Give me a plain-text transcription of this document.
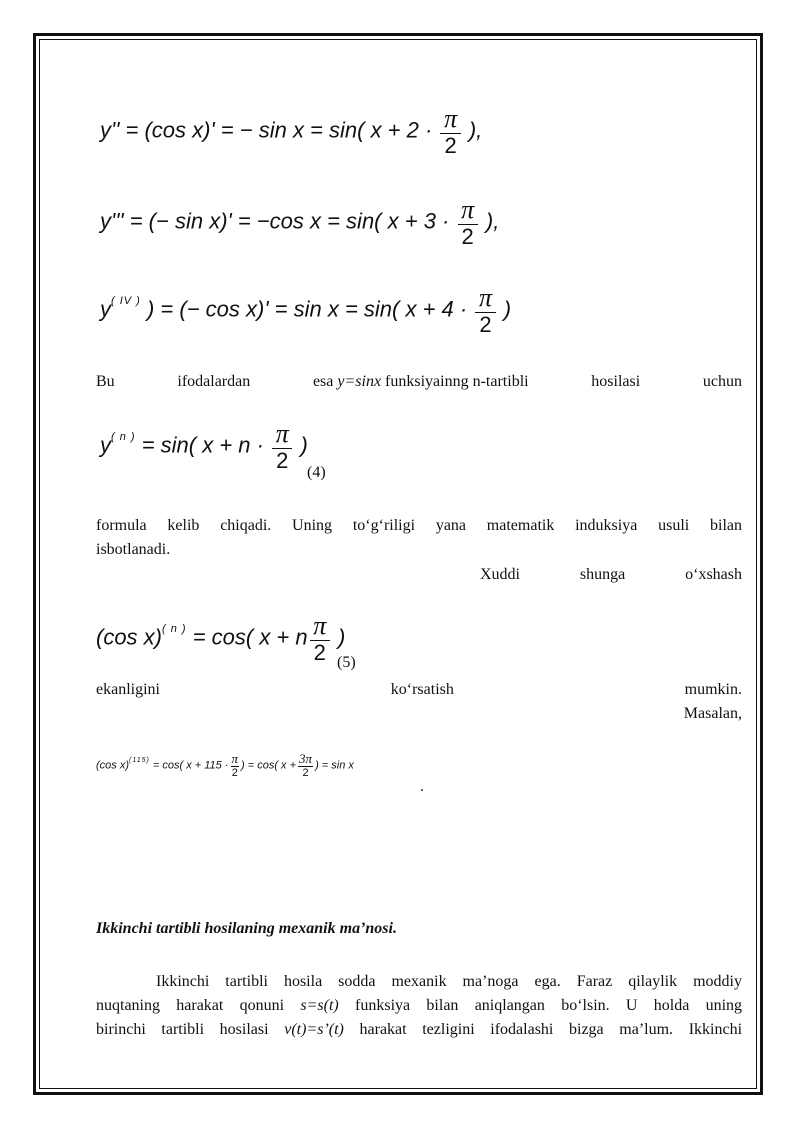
y'' = (cos x)' = − sin x = sin( $x + 2 \cdot \frac{\pi}{2}$ ),
y''' = (− sin x)' = −cos x = sin( $x + 3 \cdot \frac{\pi}{2}$ ),
$y^{( IV )}$ ) = (− cos x)' = sin x = sin( $x + 4 \cdot \frac{\pi}{2}$ )
Bu	ifodalardan	esa y=sinx funksiyainng n-tartibli	hosilasi	uchun
$y^{( n )} = \sin$( $x + n \cdot \frac{\pi}{2}$ )
(4)
formula kelib chiqadi. Uning to‘g‘riligi yana matematik induksiya usuli bilan
isbotlanadi.
Xuddi	shunga	o‘xshash
(cos x)$^{( n )}$ = cos( x + n $\frac{\pi}{2}$ )
(5)
ekanligini	ko‘rsatish	mumkin.
Masalan,
(cos x)$^{(115)}$ = cos( $x + 115 \cdot \frac{\pi}{2}$ ) = cos( $x + \frac{3\pi}{2}$ ) = sin x
.
Ikkinchi tartibli hosilaning mexanik ma’nosi.
Ikkinchi tartibli hosila sodda mexanik ma’noga ega. Faraz qilaylik moddiy
nuqtaning harakat qonuni s=s(t) funksiya bilan aniqlangan bo‘lsin. U holda uning
birinchi tartibli hosilasi v(t)=s’(t) harakat tezligini ifodalashi bizga ma’lum. Ikkinchi
